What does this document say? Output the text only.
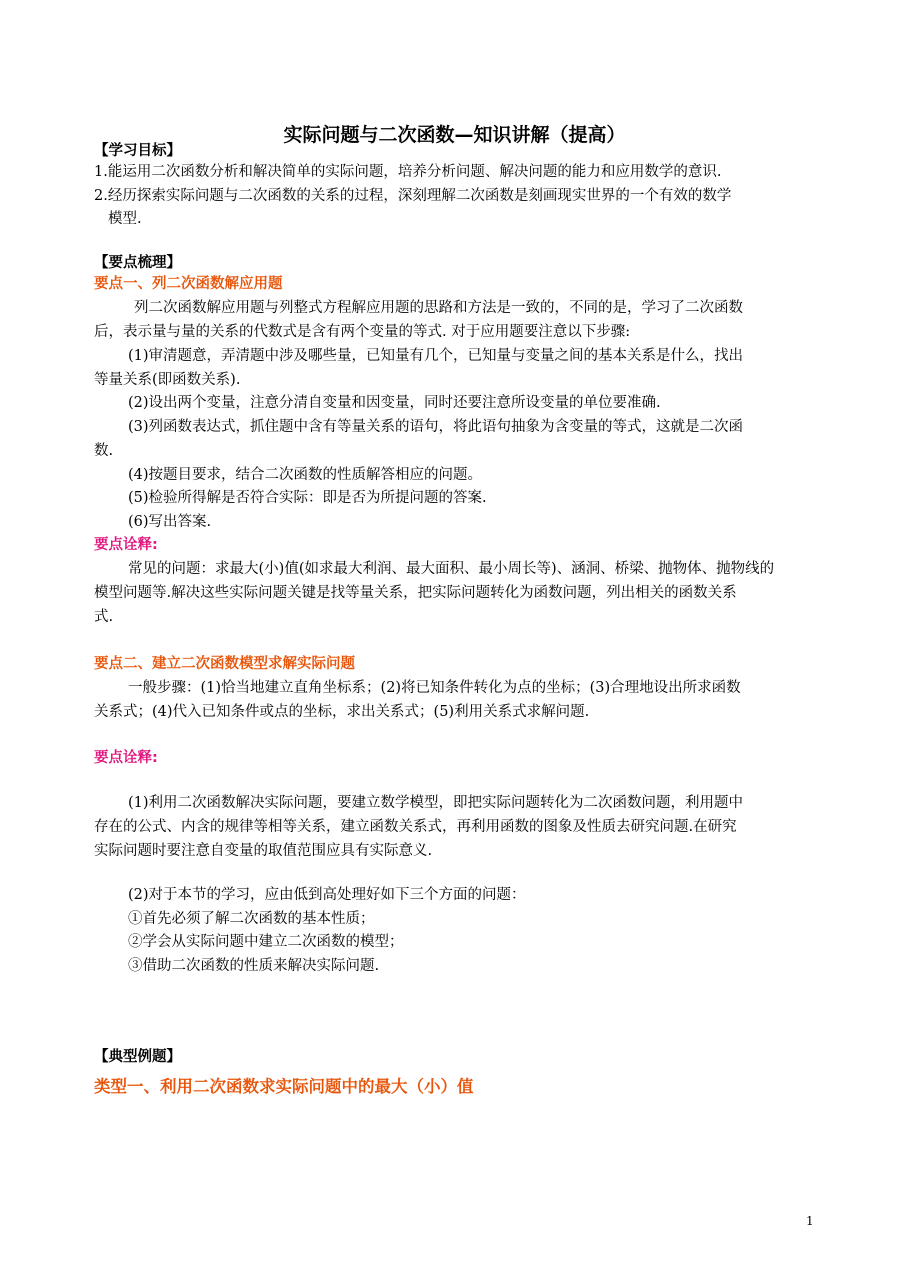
实际问题与二次函数—知识讲解（提高）
【学习目标】
1.能运用二次函数分析和解决简单的实际问题，培养分析问题、解决问题的能力和应用数学的意识.
2.经历探索实际问题与二次函数的关系的过程，深刻理解二次函数是刻画现实世界的一个有效的数学
模型.
【要点梳理】
要点一、列二次函数解应用题
列二次函数解应用题与列整式方程解应用题的思路和方法是一致的，不同的是，学习了二次函数
后，表示量与量的关系的代数式是含有两个变量的等式. 对于应用题要注意以下步骤:
(1)审清题意，弄清题中涉及哪些量，已知量有几个，已知量与变量之间的基本关系是什么，找出
等量关系(即函数关系).
(2)设出两个变量，注意分清自变量和因变量，同时还要注意所设变量的单位要准确.
(3)列函数表达式，抓住题中含有等量关系的语句，将此语句抽象为含变量的等式，这就是二次函
数.
(4)按题目要求，结合二次函数的性质解答相应的问题。
(5)检验所得解是否符合实际：即是否为所提问题的答案.
(6)写出答案.
要点诠释:
常见的问题：求最大(小)值(如求最大利润、最大面积、最小周长等)、涵洞、桥梁、抛物体、抛物线的
模型问题等.解决这些实际问题关键是找等量关系，把实际问题转化为函数问题，列出相关的函数关系
式.
要点二、建立二次函数模型求解实际问题
一般步骤：(1)恰当地建立直角坐标系；(2)将已知条件转化为点的坐标；(3)合理地设出所求函数
关系式；(4)代入已知条件或点的坐标，求出关系式；(5)利用关系式求解问题.
要点诠释:
(1)利用二次函数解决实际问题，要建立数学模型，即把实际问题转化为二次函数问题，利用题中
存在的公式、内含的规律等相等关系，建立函数关系式，再利用函数的图象及性质去研究问题.在研究
实际问题时要注意自变量的取值范围应具有实际意义.
(2)对于本节的学习，应由低到高处理好如下三个方面的问题：
①首先必须了解二次函数的基本性质；
②学会从实际问题中建立二次函数的模型；
③借助二次函数的性质来解决实际问题.
【典型例题】
类型一、利用二次函数求实际问题中的最大（小）值
1
